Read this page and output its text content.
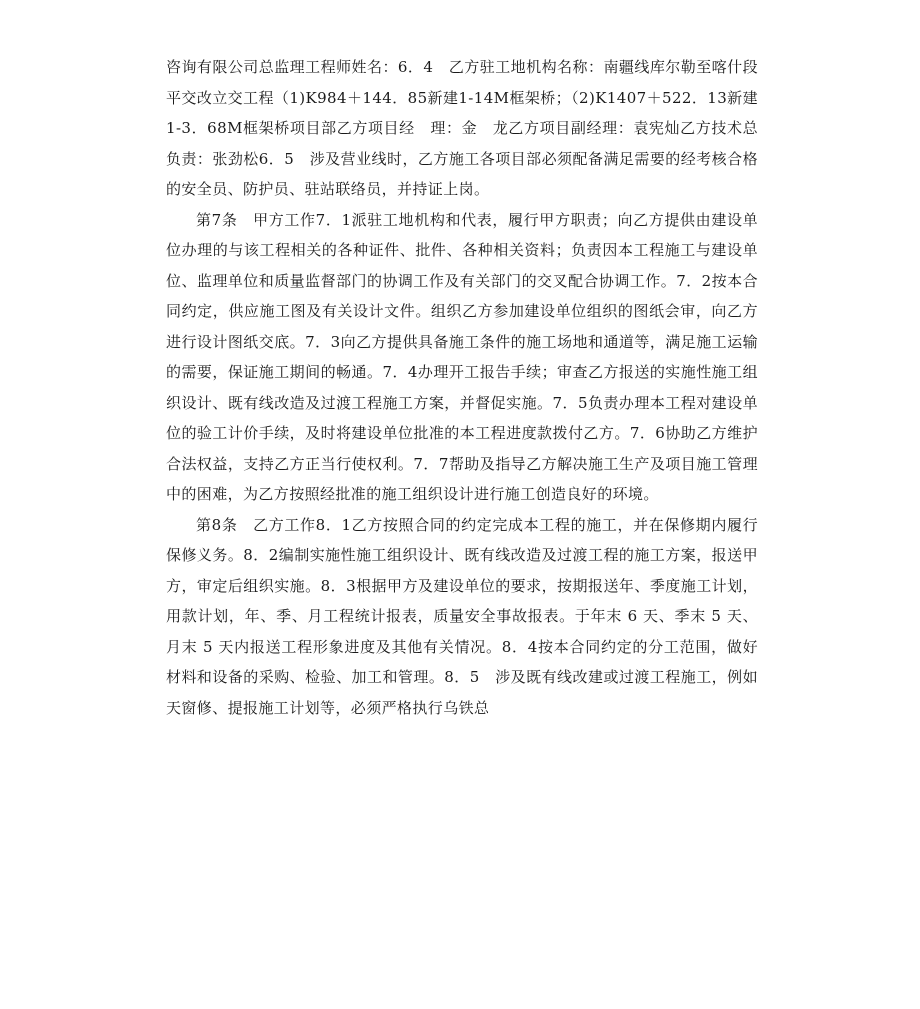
咨询有限公司总监理工程师姓名：6．4　乙方驻工地机构名称：南疆线库尔勒至喀什段平交改立交工程（1)K984＋144．85新建1-14M框架桥；（2)K1407＋522．13新建1-3．68M框架桥项目部乙方项目经　理：金　龙乙方项目副经理：袁宪灿乙方技术总负责：张劲松6．5　涉及营业线时，乙方施工各项目部必须配备满足需要的经考核合格的安全员、防护员、驻站联络员，并持证上岗。

第7条　甲方工作7．1派驻工地机构和代表，履行甲方职责；向乙方提供由建设单位办理的与该工程相关的各种证件、批件、各种相关资料；负责因本工程施工与建设单位、监理单位和质量监督部门的协调工作及有关部门的交叉配合协调工作。7．2按本合同约定，供应施工图及有关设计文件。组织乙方参加建设单位组织的图纸会审，向乙方进行设计图纸交底。7．3向乙方提供具备施工条件的施工场地和通道等，满足施工运输的需要，保证施工期间的畅通。7．4办理开工报告手续；审查乙方报送的实施性施工组织设计、既有线改造及过渡工程施工方案，并督促实施。7．5负责办理本工程对建设单位的验工计价手续，及时将建设单位批准的本工程进度款拨付乙方。7．6协助乙方维护合法权益，支持乙方正当行使权利。7．7帮助及指导乙方解决施工生产及项目施工管理中的困难，为乙方按照经批准的施工组织设计进行施工创造良好的环境。

第8条　乙方工作8．1乙方按照合同的约定完成本工程的施工，并在保修期内履行保修义务。8．2编制实施性施工组织设计、既有线改造及过渡工程的施工方案，报送甲方，审定后组织实施。8．3根据甲方及建设单位的要求，按期报送年、季度施工计划，用款计划，年、季、月工程统计报表，质量安全事故报表。于年末 6 天、季末 5 天、月末 5 天内报送工程形象进度及其他有关情况。8．4按本合同约定的分工范围，做好材料和设备的采购、检验、加工和管理。8．5　涉及既有线改建或过渡工程施工，例如天窗修、提报施工计划等，必须严格执行乌铁总
